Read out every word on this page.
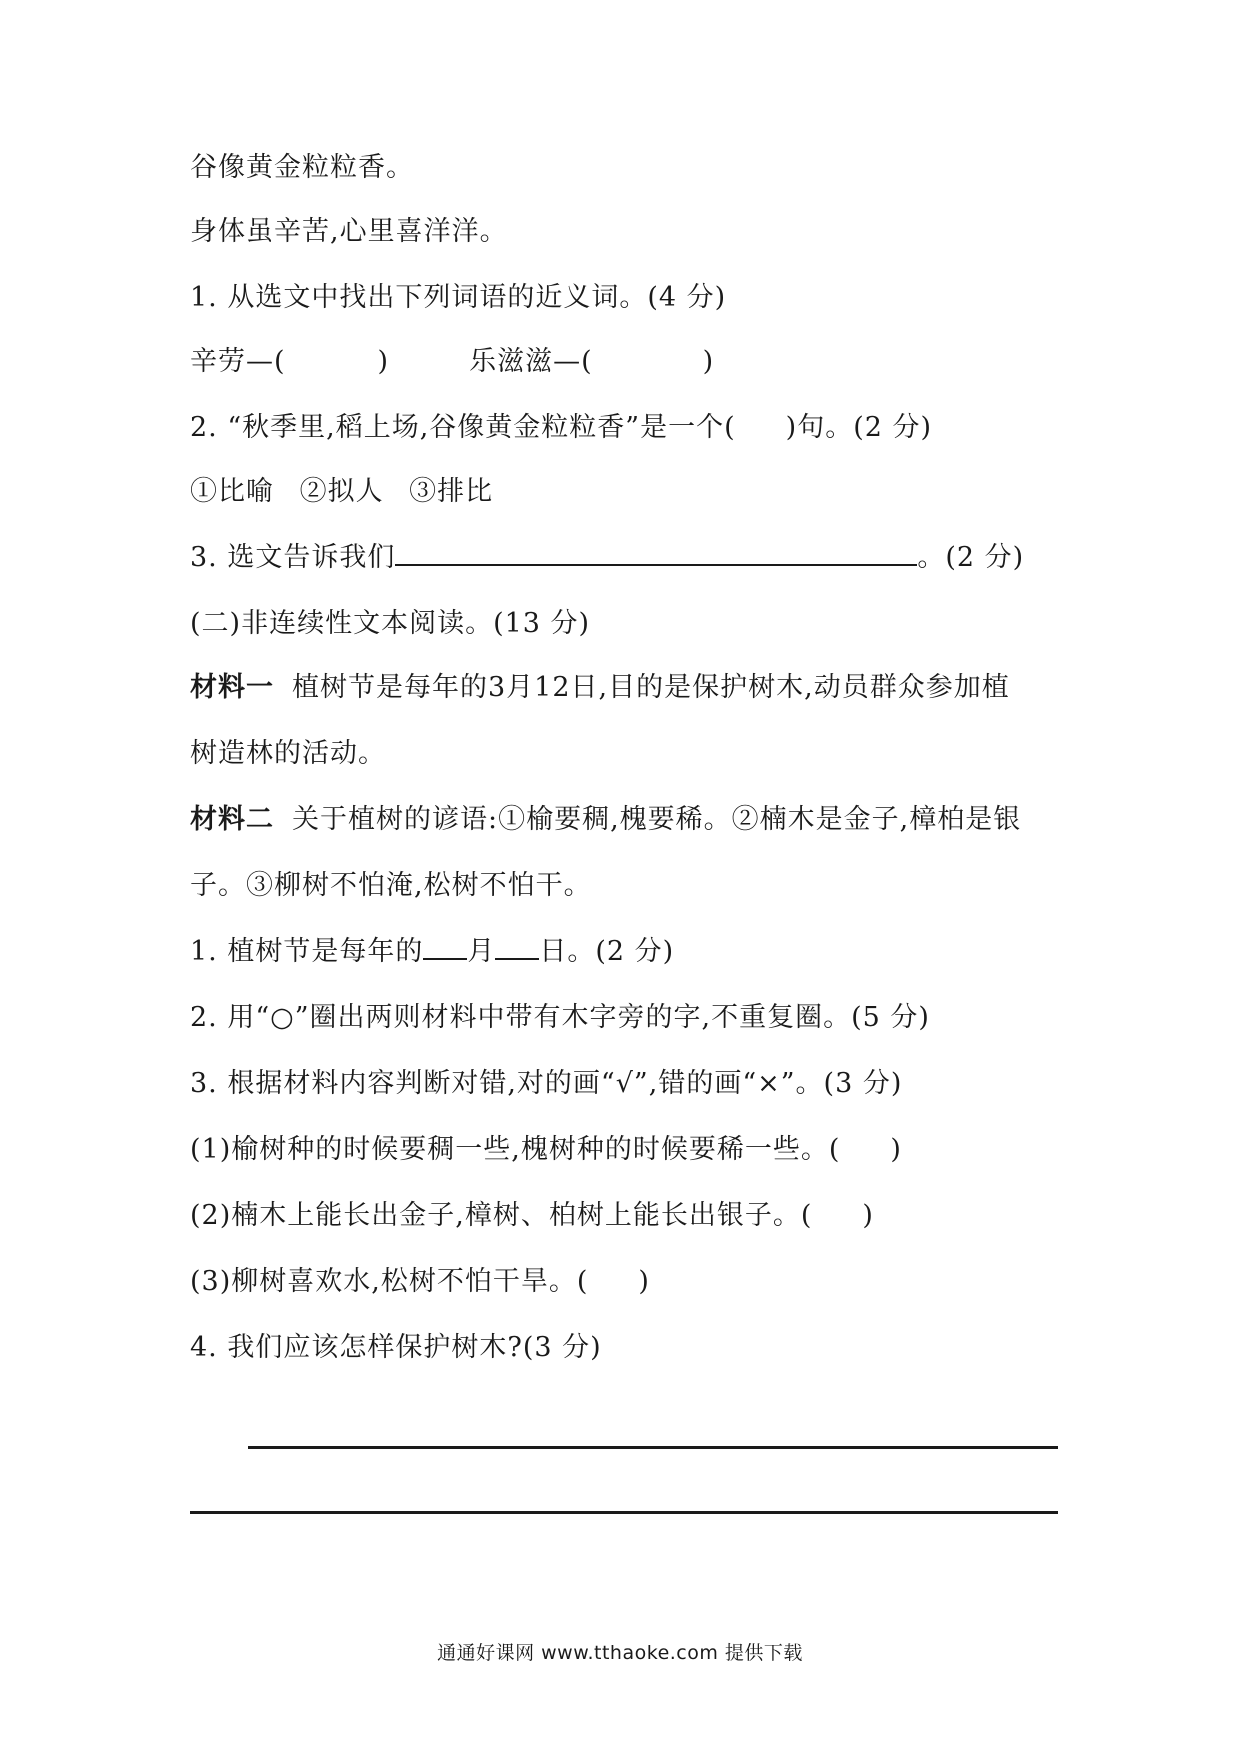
谷像黄金粒粒香。
身体虽辛苦,心里喜洋洋。
1. 从选文中找出下列词语的近义词。(4 分)
辛劳—(	)	乐滋滋—(	)
2. “秋季里,稻上场,谷像黄金粒粒香”是一个( )句。(2 分)
①比喻 ②拟人 ③排比
3. 选文告诉我们	。(2 分)
(二)非连续性文本阅读。(13 分)
材料一 植树节是每年的3月12日,目的是保护树木,动员群众参加植
树造林的活动。
材料二 关于植树的谚语:①榆要稠,槐要稀。②楠木是金子,樟柏是银
子。③柳树不怕淹,松树不怕干。
1. 植树节是每年的 月 日。(2 分)
2. 用“○”圈出两则材料中带有木字旁的字,不重复圈。(5 分)
3. 根据材料内容判断对错,对的画“√”,错的画“×”。(3 分)
(1)榆树种的时候要稠一些,槐树种的时候要稀一些。( )
(2)楠木上能长出金子,樟树、柏树上能长出银子。( )
(3)柳树喜欢水,松树不怕干旱。( )
4. 我们应该怎样保护树木?(3 分)
通通好课网 www.tthaoke.com 提供下载
